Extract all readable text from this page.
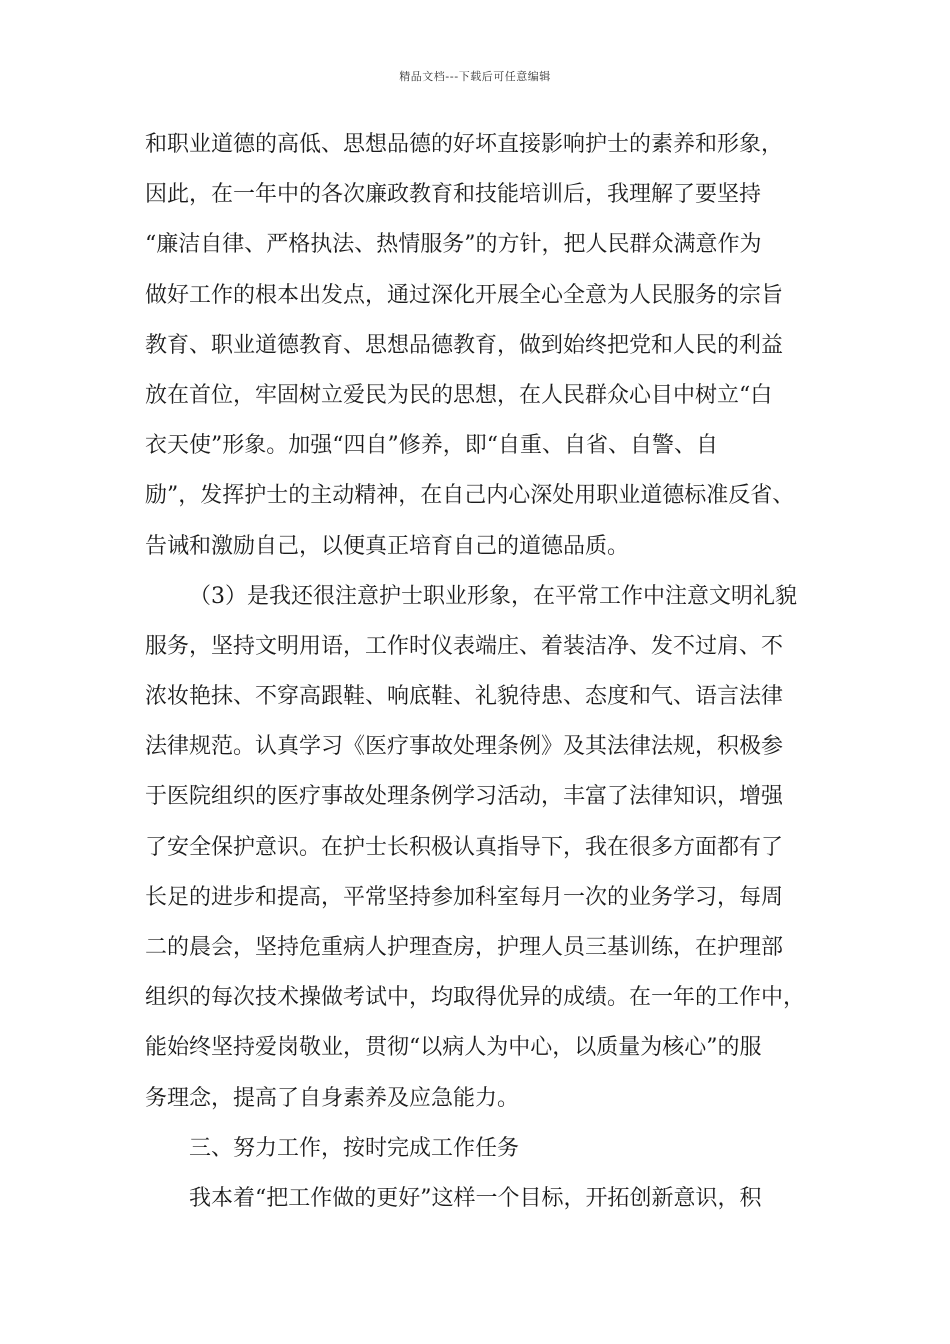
精品文档---下载后可任意编辑
和职业道德的高低、思想品德的好坏直接影响护士的素养和形象，
因此，在一年中的各次廉政教育和技能培训后，我理解了要坚持
“廉洁自律、严格执法、热情服务”的方针，把人民群众满意作为
做好工作的根本出发点，通过深化开展全心全意为人民服务的宗旨
教育、职业道德教育、思想品德教育，做到始终把党和人民的利益
放在首位，牢固树立爱民为民的思想，在人民群众心目中树立“白
衣天使”形象。加强“四自”修养，即“自重、自省、自警、自
励”，发挥护士的主动精神，在自己内心深处用职业道德标准反省、
告诫和激励自己，以便真正培育自己的道德品质。
（3）是我还很注意护士职业形象，在平常工作中注意文明礼貌
服务，坚持文明用语，工作时仪表端庄、着装洁净、发不过肩、不
浓妆艳抹、不穿高跟鞋、响底鞋、礼貌待患、态度和气、语言法律
法律规范。认真学习《医疗事故处理条例》及其法律法规，积极参
于医院组织的医疗事故处理条例学习活动，丰富了法律知识，增强
了安全保护意识。在护士长积极认真指导下，我在很多方面都有了
长足的进步和提高，平常坚持参加科室每月一次的业务学习，每周
二的晨会，坚持危重病人护理查房，护理人员三基训练，在护理部
组织的每次技术操做考试中，均取得优异的成绩。在一年的工作中，
能始终坚持爱岗敬业，贯彻“以病人为中心，以质量为核心”的服
务理念，提高了自身素养及应急能力。
三、努力工作，按时完成工作任务
我本着“把工作做的更好”这样一个目标，开拓创新意识，积
